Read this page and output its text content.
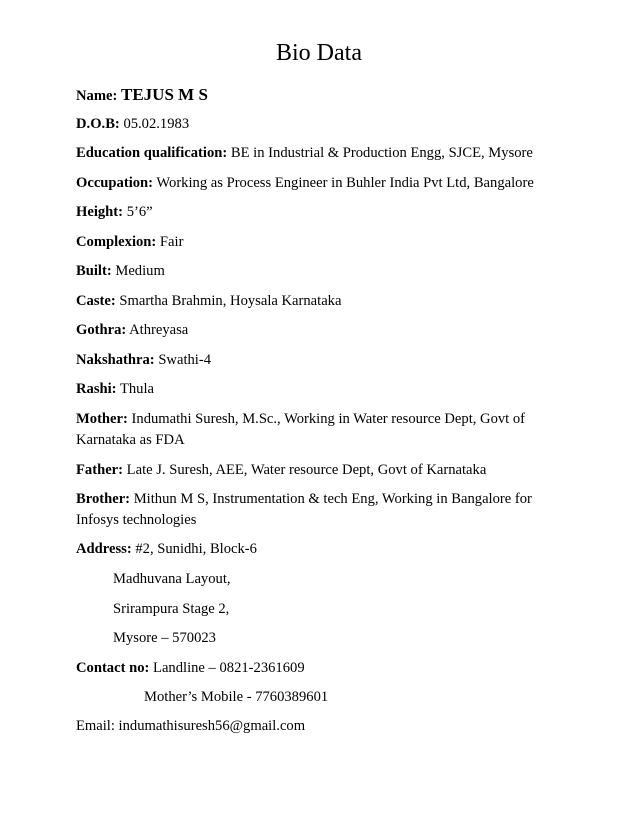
Bio Data
Name: TEJUS M S
D.O.B: 05.02.1983
Education qualification: BE in Industrial & Production Engg, SJCE, Mysore
Occupation: Working as Process Engineer in Buhler India Pvt Ltd, Bangalore
Height: 5’6”
Complexion: Fair
Built: Medium
Caste: Smartha Brahmin, Hoysala Karnataka
Gothra: Athreyasa
Nakshathra: Swathi-4
Rashi: Thula
Mother: Indumathi Suresh, M.Sc., Working in Water resource Dept, Govt of Karnataka as FDA
Father: Late J. Suresh, AEE, Water resource Dept, Govt of Karnataka
Brother: Mithun M S, Instrumentation & tech Eng, Working in Bangalore for Infosys technologies
Address: #2, Sunidhi, Block-6
Madhuvana Layout,
Srirampura Stage 2,
Mysore – 570023
Contact no: Landline – 0821-2361609
Mother’s Mobile - 7760389601
Email: indumathisuresh56@gmail.com
